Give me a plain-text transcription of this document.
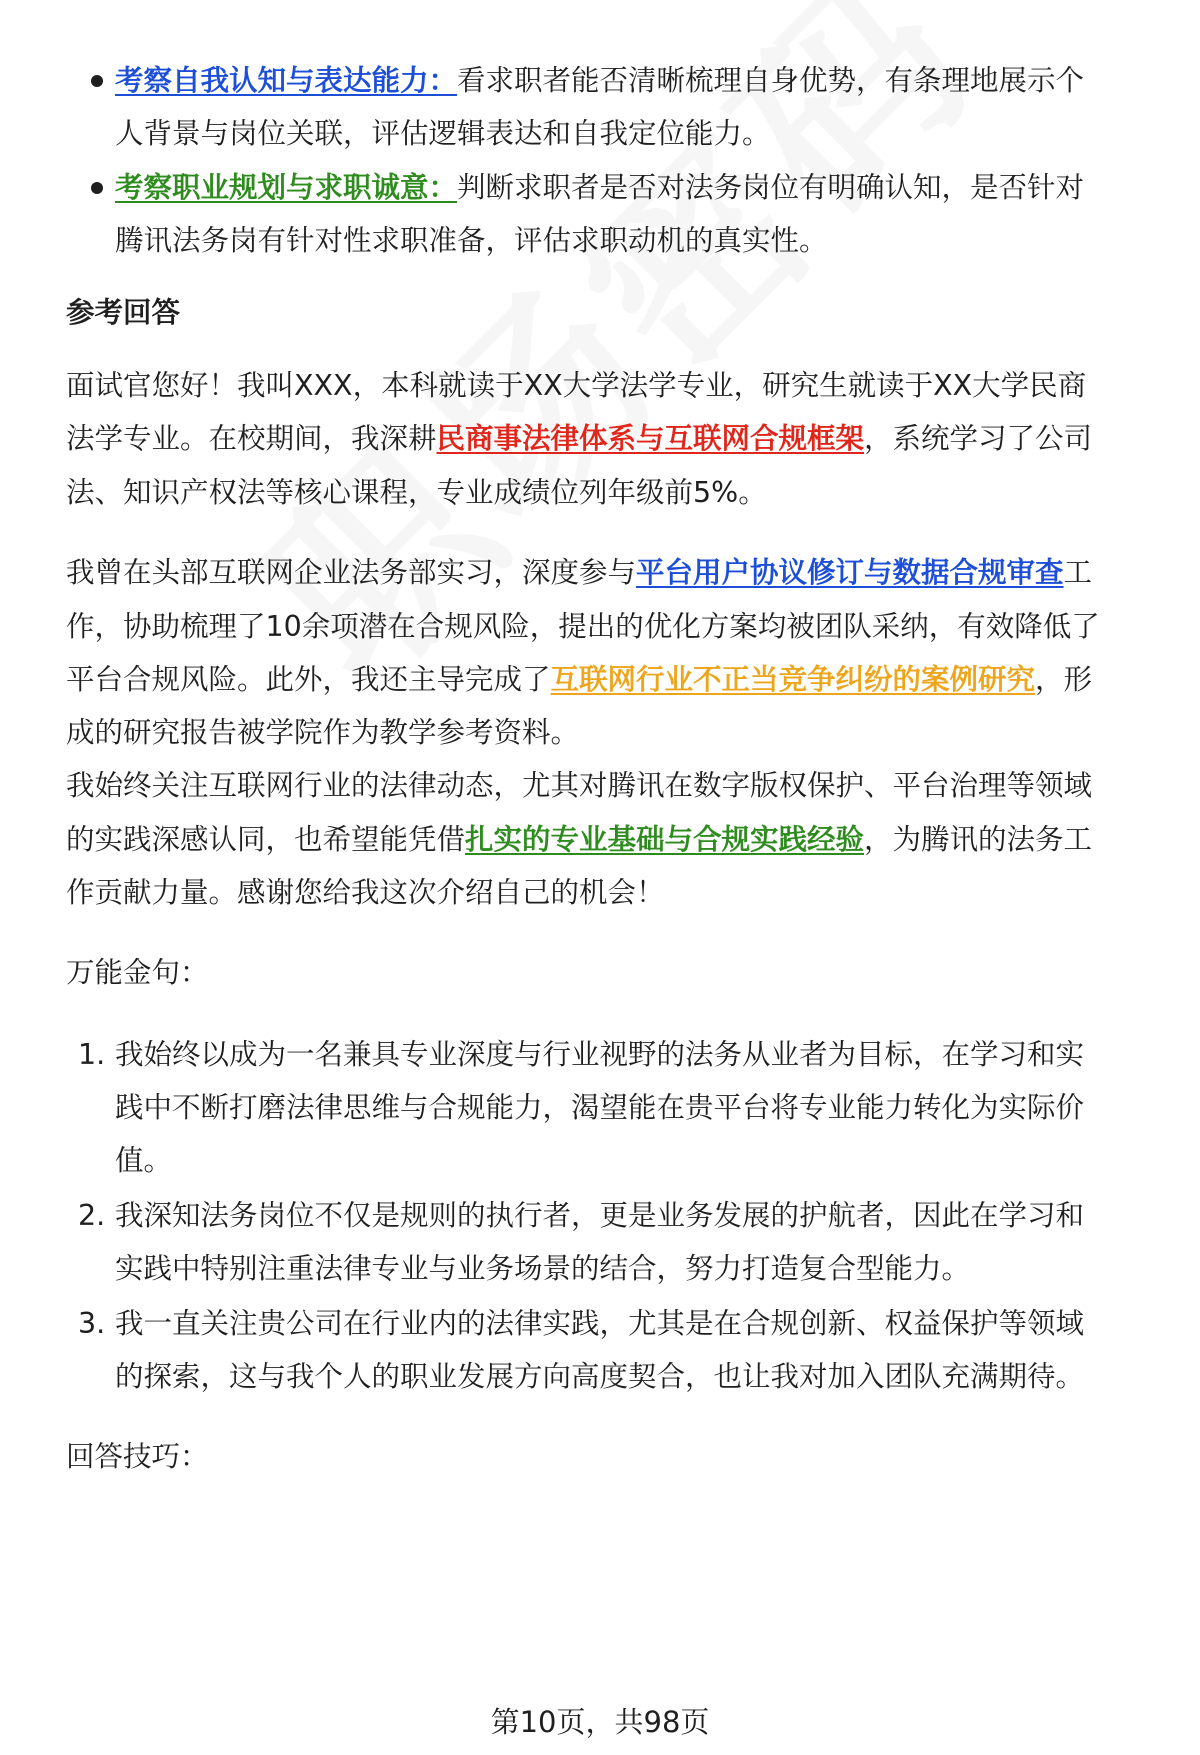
考察自我认知与表达能力：看求职者能否清晰梳理自身优势，有条理地展示个
人背景与岗位关联，评估逻辑表达和自我定位能力。
考察职业规划与求职诚意：判断求职者是否对法务岗位有明确认知，是否针对
腾讯法务岗有针对性求职准备，评估求职动机的真实性。
参考回答
面试官您好！我叫XXX，本科就读于XX大学法学专业，研究生就读于XX大学民商
法学专业。在校期间，我深耕民商事法律体系与互联网合规框架，系统学习了公司
法、知识产权法等核心课程，专业成绩位列年级前5%。
我曾在头部互联网企业法务部实习，深度参与平台用户协议修订与数据合规审查工
作，协助梳理了10余项潜在合规风险，提出的优化方案均被团队采纳，有效降低了
平台合规风险。此外，我还主导完成了互联网行业不正当竞争纠纷的案例研究，形
成的研究报告被学院作为教学参考资料。
我始终关注互联网行业的法律动态，尤其对腾讯在数字版权保护、平台治理等领域
的实践深感认同，也希望能凭借扎实的专业基础与合规实践经验，为腾讯的法务工
作贡献力量。感谢您给我这次介绍自己的机会！
万能金句：
1. 我始终以成为一名兼具专业深度与行业视野的法务从业者为目标，在学习和实
践中不断打磨法律思维与合规能力，渴望能在贵平台将专业能力转化为实际价
值。
2. 我深知法务岗位不仅是规则的执行者，更是业务发展的护航者，因此在学习和
实践中特别注重法律专业与业务场景的结合，努力打造复合型能力。
3. 我一直关注贵公司在行业内的法律实践，尤其是在合规创新、权益保护等领域
的探索，这与我个人的职业发展方向高度契合，也让我对加入团队充满期待。
回答技巧：
第10页，共98页
